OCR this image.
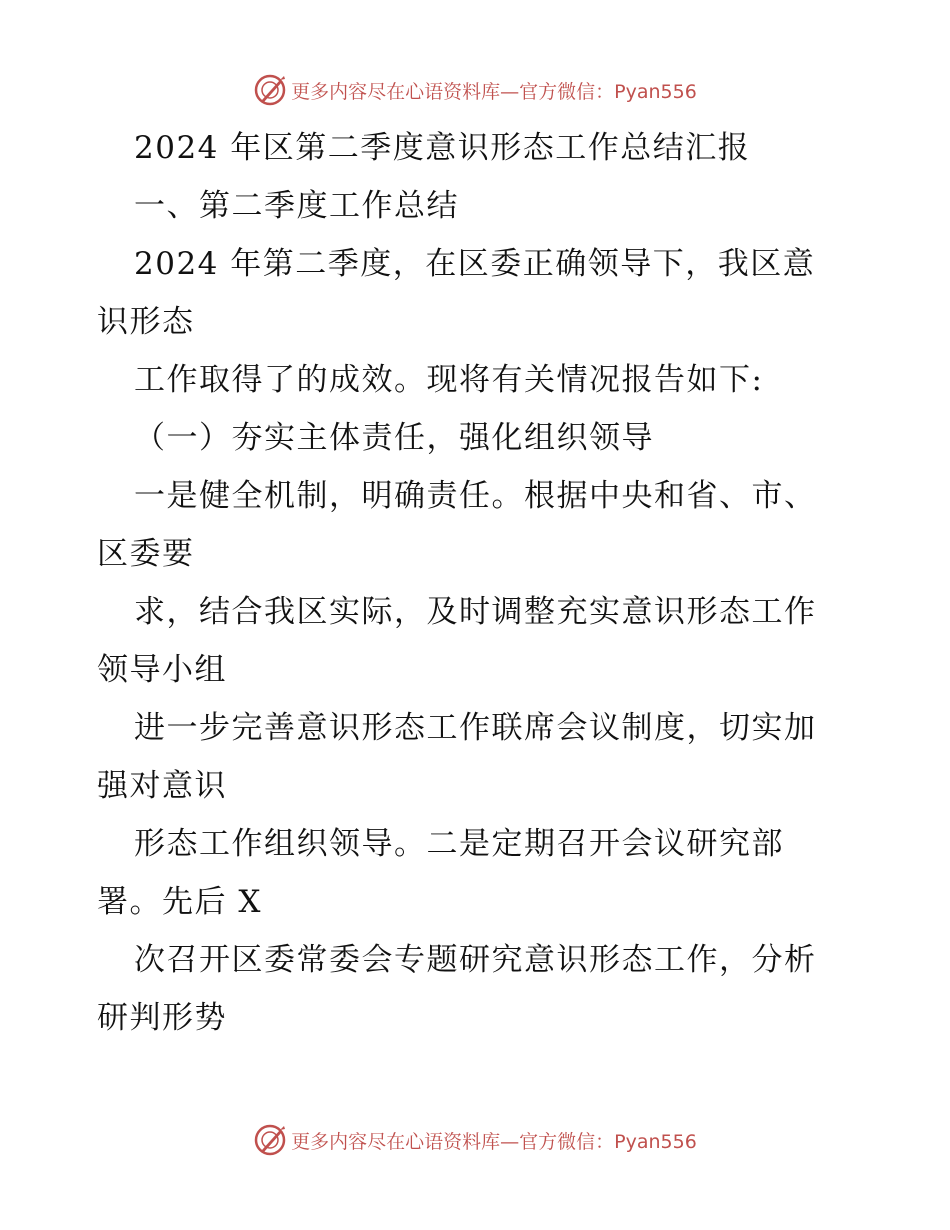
更多内容尽在心语资料库—官方微信：Pyan556
2024 年区第二季度意识形态工作总结汇报
一、第二季度工作总结
2024 年第二季度，在区委正确领导下，我区意
识形态
工作取得了的成效。现将有关情况报告如下:
（一）夯实主体责任，强化组织领导
一是健全机制，明确责任。根据中央和省、市、
区委要
求，结合我区实际，及时调整充实意识形态工作
领导小组
进一步完善意识形态工作联席会议制度，切实加
强对意识
形态工作组织领导。二是定期召开会议研究部
署。先后 X
次召开区委常委会专题研究意识形态工作，分析
研判形势
更多内容尽在心语资料库—官方微信：Pyan556
